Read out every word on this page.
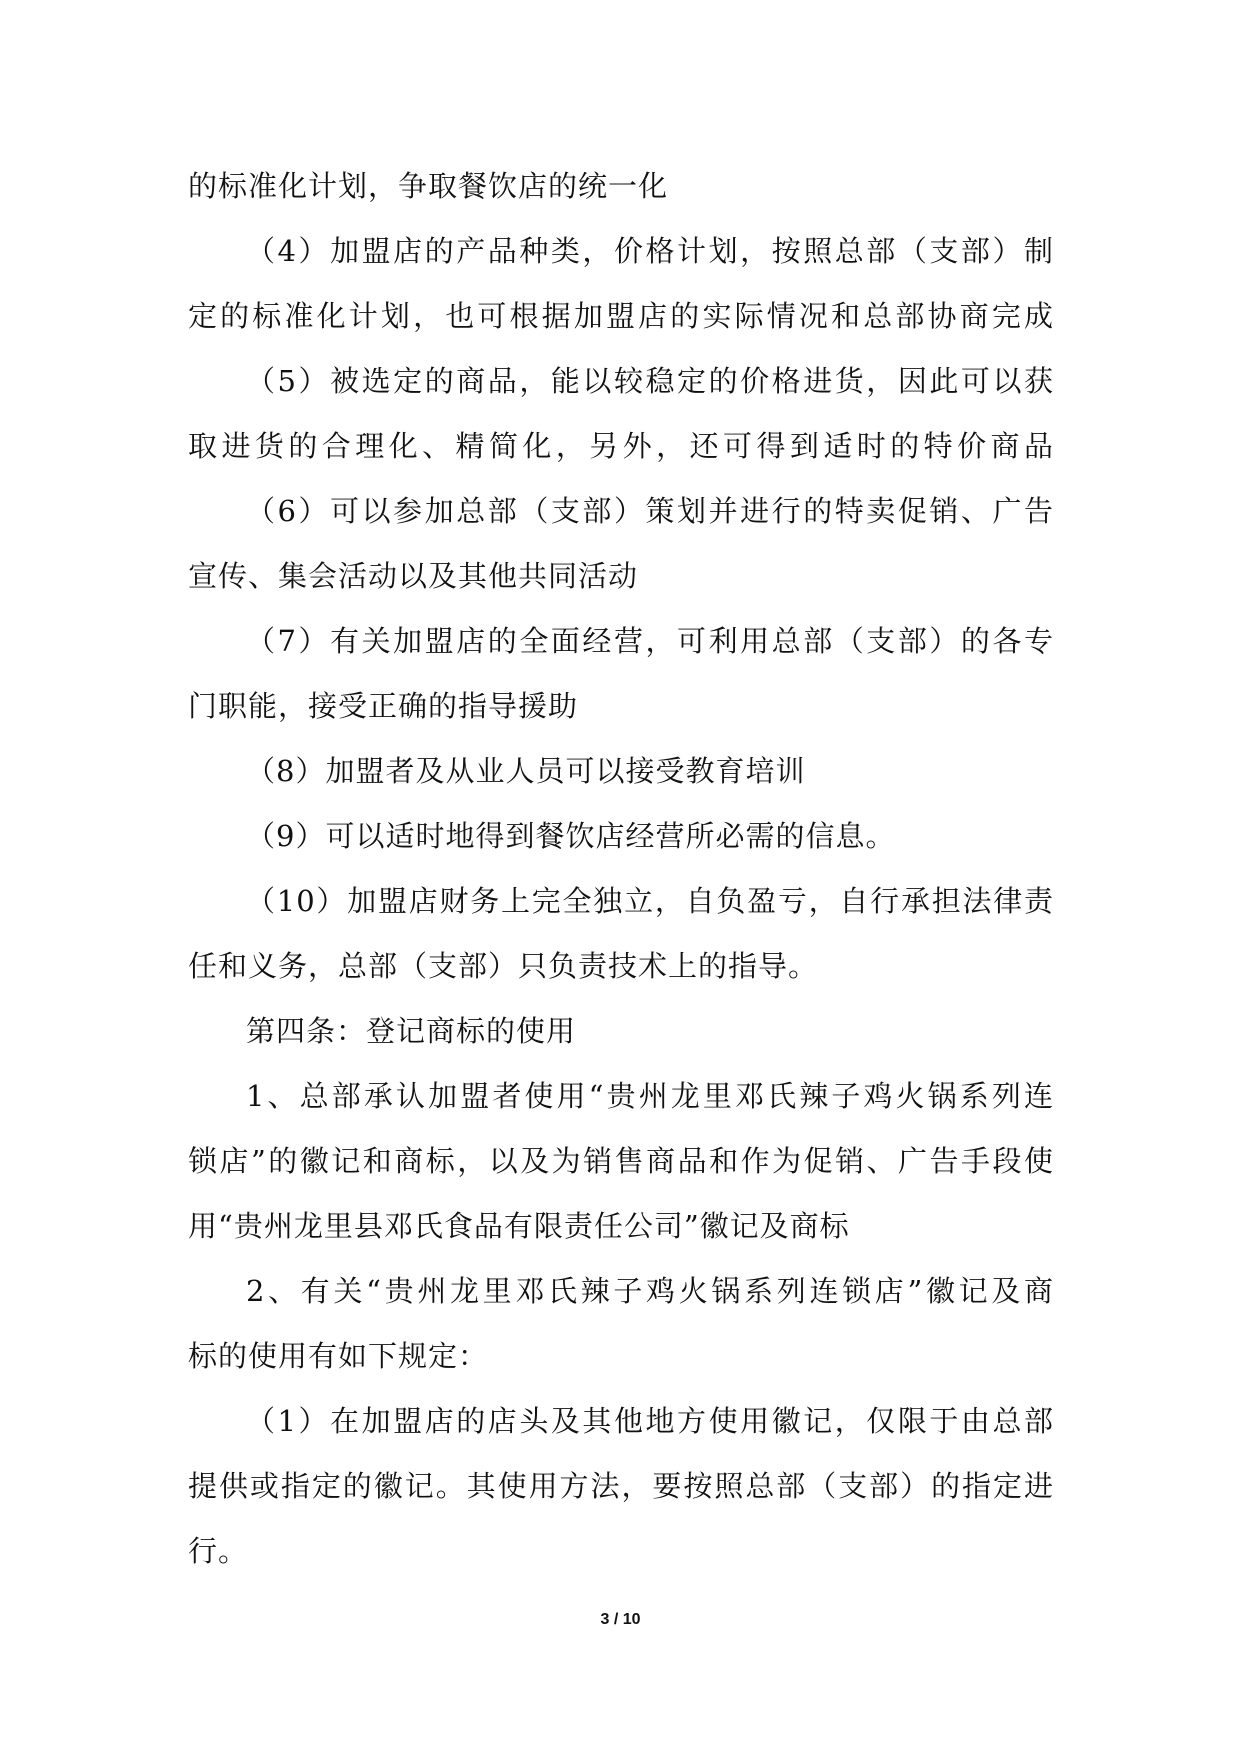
的标准化计划，争取餐饮店的统一化
（4）加盟店的产品种类，价格计划，按照总部（支部）制
定的标准化计划，也可根据加盟店的实际情况和总部协商完成
（5）被选定的商品，能以较稳定的价格进货，因此可以获
取进货的合理化、精简化，另外，还可得到适时的特价商品
（6）可以参加总部（支部）策划并进行的特卖促销、广告
宣传、集会活动以及其他共同活动
（7）有关加盟店的全面经营，可利用总部（支部）的各专
门职能，接受正确的指导援助
（8）加盟者及从业人员可以接受教育培训
（9）可以适时地得到餐饮店经营所必需的信息。
（10）加盟店财务上完全独立，自负盈亏，自行承担法律责
任和义务，总部（支部）只负责技术上的指导。
第四条：登记商标的使用
1、总部承认加盟者使用“贵州龙里邓氏辣子鸡火锅系列连
锁店”的徽记和商标，以及为销售商品和作为促销、广告手段使
用“贵州龙里县邓氏食品有限责任公司”徽记及商标
2、有关“贵州龙里邓氏辣子鸡火锅系列连锁店”徽记及商
标的使用有如下规定：
（1）在加盟店的店头及其他地方使用徽记，仅限于由总部
提供或指定的徽记。其使用方法，要按照总部（支部）的指定进
行。
3 / 10
